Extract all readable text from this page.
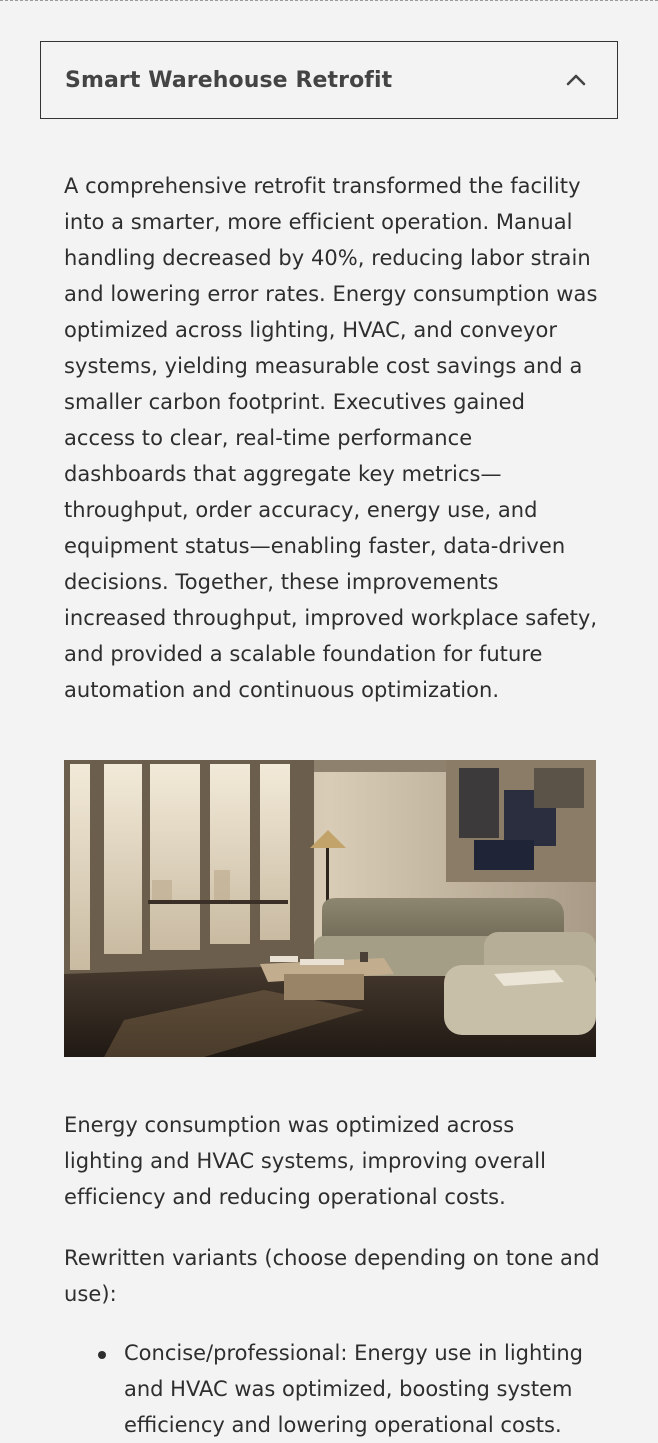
Smart Warehouse Retrofit

A comprehensive retrofit transformed the facility into a smarter, more efficient operation. Manual handling decreased by 40%, reducing labor strain and lowering error rates. Energy consumption was optimized across lighting, HVAC, and conveyor systems, yielding measurable cost savings and a smaller carbon footprint. Executives gained access to clear, real-time performance dashboards that aggregate key metrics—throughput, order accuracy, energy use, and equipment status—enabling faster, data-driven decisions. Together, these improvements increased throughput, improved workplace safety, and provided a scalable foundation for future automation and continuous optimization.

Energy consumption was optimized across lighting and HVAC systems, improving overall efficiency and reducing operational costs.

Rewritten variants (choose depending on tone and use):

Concise/professional: Energy use in lighting and HVAC was optimized, boosting system efficiency and lowering operational costs.
